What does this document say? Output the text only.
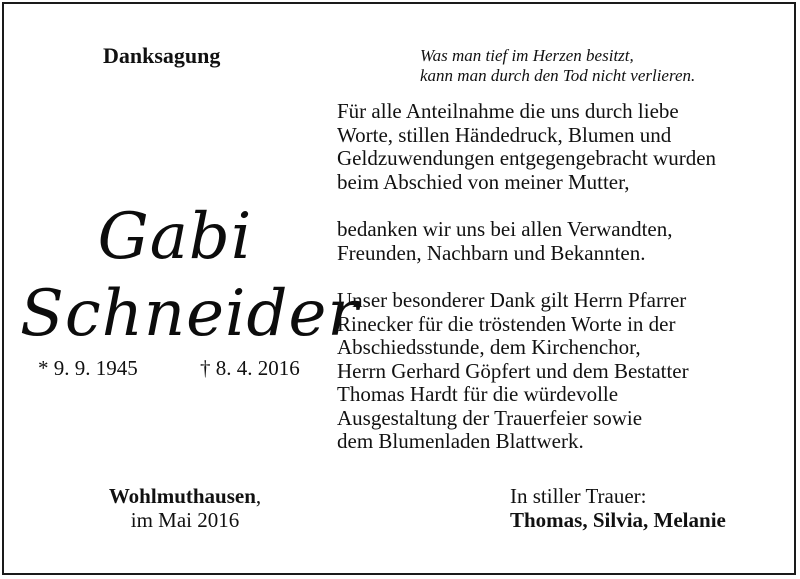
Danksagung	Was man tief im Herzen besitzt,
kann man durch den Tod nicht verlieren.
Gabi
Schneider
* 9. 9. 1945	† 8. 4. 2016
Für alle Anteilnahme die uns durch liebe
Worte, stillen Händedruck, Blumen und
Geldzuwendungen entgegengebracht wurden
beim Abschied von meiner Mutter,
bedanken wir uns bei allen Verwandten,
Freunden, Nachbarn und Bekannten.
Unser besonderer Dank gilt Herrn Pfarrer
Rinecker für die tröstenden Worte in der
Abschiedsstunde, dem Kirchenchor,
Herrn Gerhard Göpfert und dem Bestatter
Thomas Hardt für die würdevolle
Ausgestaltung der Trauerfeier sowie
dem Blumenladen Blattwerk.
Wohlmuthausen,
im Mai 2016
In stiller Trauer:
Thomas, Silvia, Melanie
